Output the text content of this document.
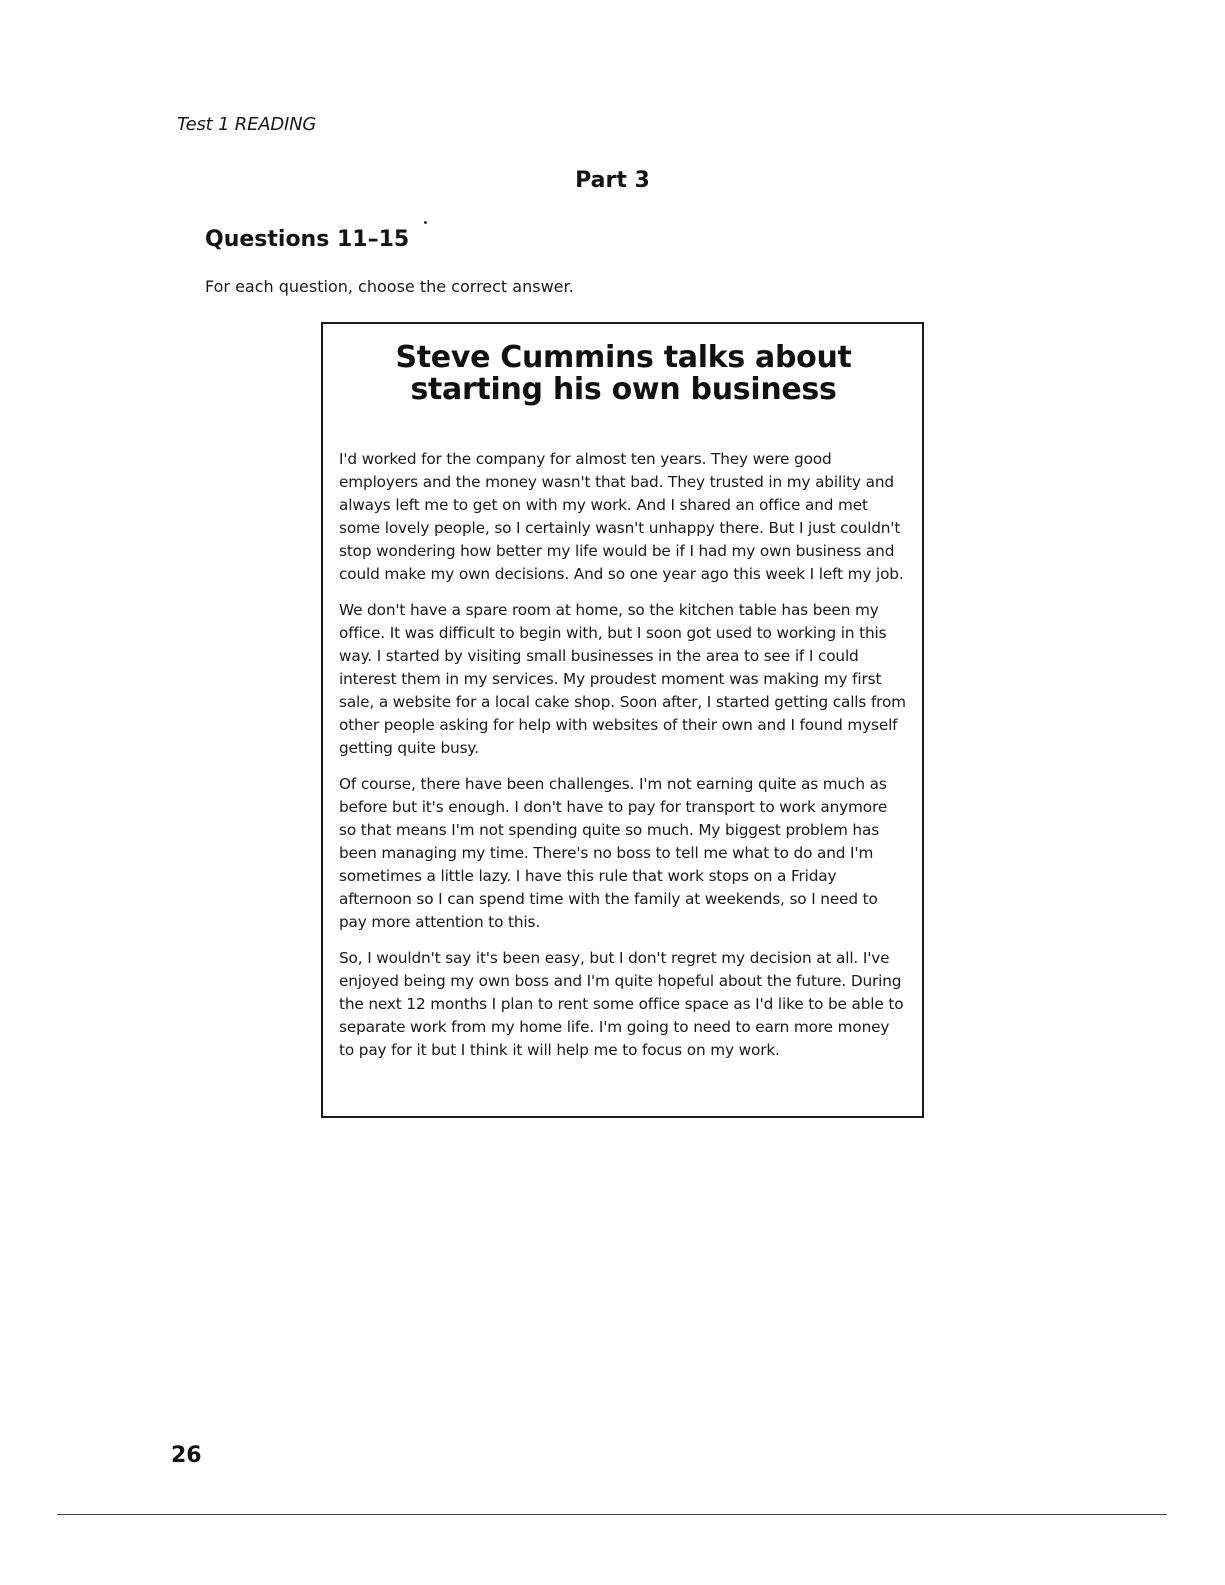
Test 1 READING
Part 3
Questions 11–15
For each question, choose the correct answer.
Steve Cummins talks about starting his own business

I'd worked for the company for almost ten years. They were good employers and the money wasn't that bad. They trusted in my ability and always left me to get on with my work. And I shared an office and met some lovely people, so I certainly wasn't unhappy there. But I just couldn't stop wondering how better my life would be if I had my own business and could make my own decisions. And so one year ago this week I left my job.

We don't have a spare room at home, so the kitchen table has been my office. It was difficult to begin with, but I soon got used to working in this way. I started by visiting small businesses in the area to see if I could interest them in my services. My proudest moment was making my first sale, a website for a local cake shop. Soon after, I started getting calls from other people asking for help with websites of their own and I found myself getting quite busy.

Of course, there have been challenges. I'm not earning quite as much as before but it's enough. I don't have to pay for transport to work anymore so that means I'm not spending quite so much. My biggest problem has been managing my time. There's no boss to tell me what to do and I'm sometimes a little lazy. I have this rule that work stops on a Friday afternoon so I can spend time with the family at weekends, so I need to pay more attention to this.

So, I wouldn't say it's been easy, but I don't regret my decision at all. I've enjoyed being my own boss and I'm quite hopeful about the future. During the next 12 months I plan to rent some office space as I'd like to be able to separate work from my home life. I'm going to need to earn more money to pay for it but I think it will help me to focus on my work.

26
